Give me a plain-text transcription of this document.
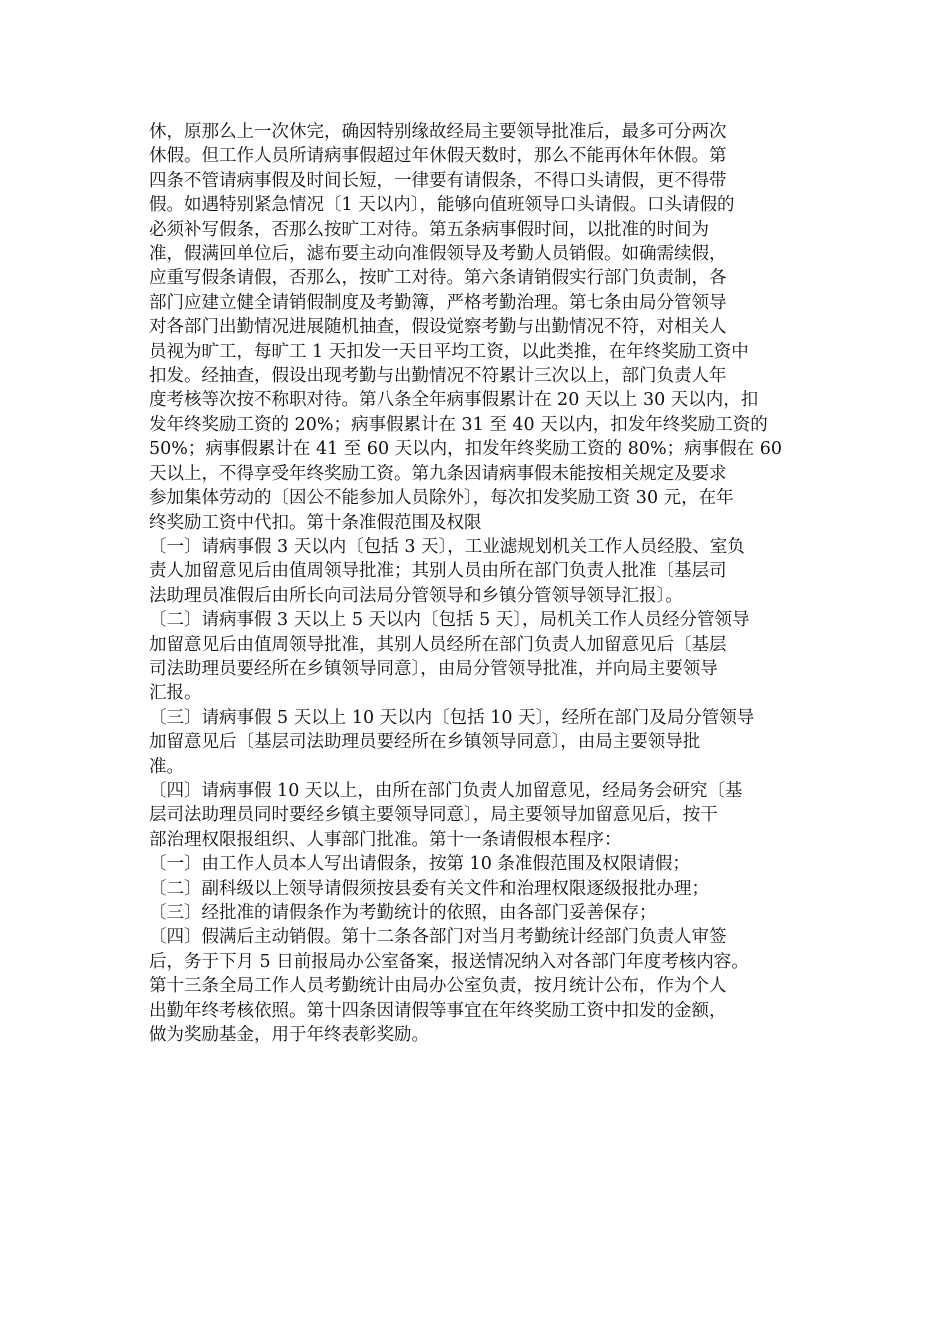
休，原那么上一次休完，确因特别缘故经局主要领导批准后，最多可分两次
休假。但工作人员所请病事假超过年休假天数时，那么不能再休年休假。第
四条不管请病事假及时间长短，一律要有请假条，不得口头请假，更不得带
假。如遇特别紧急情况〔1 天以内〕，能够向值班领导口头请假。口头请假的
必须补写假条，否那么按旷工对待。第五条病事假时间，以批准的时间为
准，假满回单位后，滤布要主动向准假领导及考勤人员销假。如确需续假，
应重写假条请假，否那么，按旷工对待。第六条请销假实行部门负责制，各
部门应建立健全请销假制度及考勤簿，严格考勤治理。第七条由局分管领导
对各部门出勤情况进展随机抽查，假设觉察考勤与出勤情况不符，对相关人
员视为旷工，每旷工 1 天扣发一天日平均工资，以此类推，在年终奖励工资中
扣发。经抽查，假设出现考勤与出勤情况不符累计三次以上，部门负责人年
度考核等次按不称职对待。第八条全年病事假累计在 20 天以上 30 天以内，扣
发年终奖励工资的 20%；病事假累计在 31 至 40 天以内，扣发年终奖励工资的
50%；病事假累计在 41 至 60 天以内，扣发年终奖励工资的 80%；病事假在 60
天以上，不得享受年终奖励工资。第九条因请病事假未能按相关规定及要求
参加集体劳动的〔因公不能参加人员除外〕，每次扣发奖励工资 30 元，在年
终奖励工资中代扣。第十条准假范围及权限
〔一〕请病事假 3 天以内〔包括 3 天〕，工业滤规划机关工作人员经股、室负
责人加留意见后由值周领导批准；其别人员由所在部门负责人批准〔基层司
法助理员准假后由所长向司法局分管领导和乡镇分管领导领导汇报〕。
〔二〕请病事假 3 天以上 5 天以内〔包括 5 天〕，局机关工作人员经分管领导
加留意见后由值周领导批准，其别人员经所在部门负责人加留意见后〔基层
司法助理员要经所在乡镇领导同意〕，由局分管领导批准，并向局主要领导
汇报。
〔三〕请病事假 5 天以上 10 天以内〔包括 10 天〕，经所在部门及局分管领导
加留意见后〔基层司法助理员要经所在乡镇领导同意〕，由局主要领导批
准。
〔四〕请病事假 10 天以上，由所在部门负责人加留意见，经局务会研究〔基
层司法助理员同时要经乡镇主要领导同意〕，局主要领导加留意见后，按干
部治理权限报组织、人事部门批准。第十一条请假根本程序：
〔一〕由工作人员本人写出请假条，按第 10 条准假范围及权限请假；
〔二〕副科级以上领导请假须按县委有关文件和治理权限逐级报批办理；
〔三〕经批准的请假条作为考勤统计的依照，由各部门妥善保存；
〔四〕假满后主动销假。第十二条各部门对当月考勤统计经部门负责人审签
后，务于下月 5 日前报局办公室备案，报送情况纳入对各部门年度考核内容。
第十三条全局工作人员考勤统计由局办公室负责，按月统计公布，作为个人
出勤年终考核依照。第十四条因请假等事宜在年终奖励工资中扣发的金额，
做为奖励基金，用于年终表彰奖励。
